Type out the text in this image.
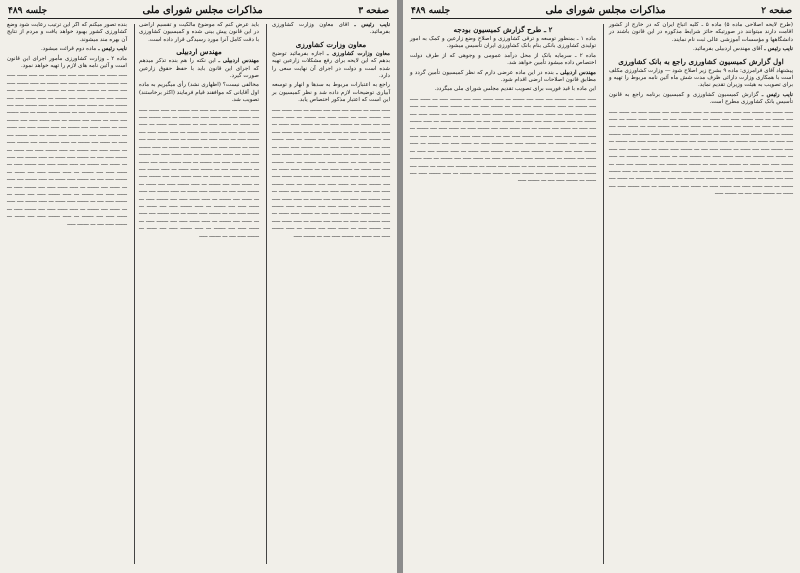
صفحه ۲
مذاکرات مجلس شورای ملی
جلسه ۴۸۹

(طرح لایحه اصلاحی ماده ۵) ماده ۵ ـ کلیه اتباع ایران که در خارج از کشور اقامت دارند میتوانند در صورتیکه حائز شرایط مذکوره در این قانون باشند در دانشگاهها و مؤسسات آموزشی عالی ثبت نام نمایند.

نایب رئیس ـ آقای مهندس اردبیلی بفرمائید.

اول گزارش کمیسیون کشاورزی راجع به بانک کشاورزی

پیشنهاد آقای فرامرزی: ماده ۹ بشرح زیر اصلاح شود — وزارت کشاورزی مکلف است با همکاری وزارت دارائی ظرف مدت شش ماه آئین نامه مربوط را تهیه و برای تصویب به هیئت وزیران تقدیم نماید.

نایب رئیس ـ گزارش کمیسیون کشاورزی و کمیسیون برنامه راجع به قانون تأسیس بانک کشاورزی مطرح است.

ـــــ ــــــ ـــ ـــــــ ــــ ـــــ ــــ ـــــــ ـــ ـــــ ــــــ ـــــ ــــ ـــــــ ـــــ ـــ ــــــ ـــــ ــــ ـــــــ ـــ ـــــ ـــــــ ـــــ ــــ ــــــ ـــ ـــــــ ـــــ ــــ ـــ ـــــــ ـــــ ــــــ ـــ ـــــ ـــــــ ــــ ـــــ ـــ ــــــ ــــ ـــــــ ـــ ـــــ ــــــ ـــــ ــــ ـــــــ ـــــ ـــ ــــــ ـــــ ــــ ـــــــ ـــ ـــــ ـــــــ ـــــ ــــ ــــــ ـــ ـــــــ ـــــ ــــ ـــ ـــــــ ـــــ ــــــ ـــ ـــــ ـــــــ ــــ ـــــ ـــ ــــــ ــــ ـــــــ ـــ ـــــ ــــــ ـــــ ــــ ـــــــ ـــــ ـــ ــــــ ـــــ ــــ ـــــــ ـــ ـــــ ـــــــ ـــــ ــــ ــــــ ـــ ـــــــ ـــــ ــــ ـــ ـــــــ ـــــ ــــــ ـــ ـــــ ـــــــ ــــ ـــــ ـــ ــــــ ــــ ـــــــ ـــ ـــــ ــــــ ـــــ ــــ ـــــــ ـــــ ـــ ــــــ ـــــ ــــ ـــــــ ـــ ـــــ ـــــــ ـــــ ــــ ــــــ ـــ ـــــــ ـــــ ــــ ـــ ـــــــ ـــــ ــــــ ـــ ـــــ ـــــــ ــــ ـــــ ـــ ــــــ ــــ ـــــــ ـــ ـــــ ــــــ ـــــ ــــ ـــــــ ـــــ ـــ ــــــ ـــــ ــــ ـــــــ ـــ ـــــ ـــــــ ـــــ ــــ ــــــ ـــ ـــــــ ـــــ ــــ ـــ ـــــــ ـــــ ــــــ ـــ ـــــ ـــــــ ــــ ـــــ ـــ ــــــ ــــ ـــــــ ـــ ـــــ ــــــ ـــــ ــــ ـــــــ ـــــ ـــ ــــــ ـــــ ــــ ـــــــ ـــ ـــــ ـــــــ ـــــ ــــ ــــــ ـــ ـــــــ ـــــ ــــ ـــ ـــــــ ـــــ

۲ ـ طرح گزارش کمیسیون بودجه

ماده ۱ ـ بمنظور توسعه و ترقی کشاورزی و اصلاح وضع زارعین و کمک به امور تولیدی کشاورزی بانکی بنام بانک کشاورزی ایران تأسیس میشود.

ماده ۲ ـ سرمایه بانک از محل درآمد عمومی و وجوهی که از طرف دولت اختصاص داده میشود تأمین خواهد شد.

مهندس اردبیلی ـ بنده در این ماده عرضی دارم که نظر کمیسیون تأمین گردد و مطابق قانون اصلاحات ارضی اقدام شود.

این ماده با قید فوریت برای تصویب تقدیم مجلس شورای ملی میگردد.

ـــــ ــــــ ـــ ـــــــ ــــ ـــــ ــــ ـــــــ ـــ ـــــ ــــــ ـــــ ــــ ـــــــ ـــــ ـــ ــــــ ـــــ ــــ ـــــــ ـــ ـــــ ـــــــ ـــــ ــــ ــــــ ـــ ـــــــ ـــــ ــــ ـــ ـــــــ ـــــ ــــــ ـــ ـــــ ـــــــ ــــ ـــــ ـــ ــــــ ــــ ـــــــ ـــ ـــــ ــــــ ـــــ ــــ ـــــــ ـــــ ـــ ــــــ ـــــ ــــ ـــــــ ـــ ـــــ ـــــــ ـــــ ــــ ــــــ ـــ ـــــــ ـــــ ــــ ـــ ـــــــ ـــــ ــــــ ـــ ـــــ ـــــــ ــــ ـــــ ـــ ــــــ ــــ ـــــــ ـــ ـــــ ــــــ ـــــ ــــ ـــــــ ـــــ ـــ ــــــ ـــــ ــــ ـــــــ ـــ ـــــ ـــــــ ـــــ ــــ ــــــ ـــ ـــــــ ـــــ ــــ ـــ ـــــــ ـــــ ــــــ ـــ ـــــ ـــــــ ــــ ـــــ ـــ ــــــ ــــ ـــــــ ـــ ـــــ ــــــ ـــــ ــــ ـــــــ ـــــ ـــ ــــــ ـــــ ــــ ـــــــ ـــ ـــــ ـــــــ ـــــ ــــ ــــــ ـــ ـــــــ ـــــ ــــ ـــ ـــــــ ـــــ ــــــ ـــ ـــــ ـــــــ ــــ ـــــ ـــ ــــــ ــــ ـــــــ ـــ ـــــ ــــــ ـــــ ــــ ـــــــ ـــــ ـــ ــــــ ـــــ ــــ ـــــــ ـــ ـــــ ـــــــ ـــــ ــــ ــــــ ـــ ـــــــ ـــــ ــــ ـــ ـــــــ ـــــ ــــــ ـــ ـــــ ـــــــ ــــ ـــــ ـــ ــــــ ــــ ـــــــ ـــ ـــــ ــــــ ـــــ ــــ ـــــــ ـــــ ـــ ــــــ ـــــ ــــ ـــــــ ـــ ـــــ ـــــــ ـــــ ــــ ــــــ ـــ ـــــــ ـــــ ــــ ـــ ـــــــ ـــــ

صفحه ۳
مذاکرات مجلس شورای ملی
جلسه ۴۸۹

نایب رئیس ـ آقای معاون وزارت کشاورزی بفرمائید.

معاون وزارت کشاورزی

معاون وزارت کشاورزی ـ اجازه بفرمائید توضیح بدهم که این لایحه برای رفع مشکلات زارعین تهیه شده است و دولت در اجرای آن نهایت سعی را دارد.

راجع به اعتبارات مربوط به سدها و انهار و توسعه آبیاری توضیحات لازم داده شد و نظر کمیسیون بر این است که اعتبار مذکور اختصاص یابد.

ـــــ ــــــ ـــ ـــــــ ــــ ـــــ ــــ ـــــــ ـــ ـــــ ــــــ ـــــ ــــ ـــــــ ـــــ ـــ ــــــ ـــــ ــــ ـــــــ ـــ ـــــ ـــــــ ـــــ ــــ ــــــ ـــ ـــــــ ـــــ ــــ ـــ ـــــــ ـــــ ــــــ ـــ ـــــ ـــــــ ــــ ـــــ ـــ ــــــ ــــ ـــــــ ـــ ـــــ ــــــ ـــــ ــــ ـــــــ ـــــ ـــ ــــــ ـــــ ــــ ـــــــ ـــ ـــــ ـــــــ ـــــ ــــ ــــــ ـــ ـــــــ ـــــ ــــ ـــ ـــــــ ـــــ ــــــ ـــ ـــــ ـــــــ ــــ ـــــ ـــ ــــــ ــــ ـــــــ ـــ ـــــ ــــــ ـــــ ــــ ـــــــ ـــــ ـــ ــــــ ـــــ ــــ ـــــــ ـــ ـــــ ـــــــ ـــــ ــــ ــــــ ـــ ـــــــ ـــــ ــــ ـــ ـــــــ ـــــ ــــــ ـــ ـــــ ـــــــ ــــ ـــــ ـــ ــــــ ــــ ـــــــ ـــ ـــــ ــــــ ـــــ ــــ ـــــــ ـــــ ـــ ــــــ ـــــ ــــ ـــــــ ـــ ـــــ ـــــــ ـــــ ــــ ــــــ ـــ ـــــــ ـــــ ــــ ـــ ـــــــ ـــــ ــــــ ـــ ـــــ ـــــــ ــــ ـــــ ـــ ــــــ ــــ ـــــــ ـــ ـــــ ــــــ ـــــ ــــ ـــــــ ـــــ ـــ ــــــ ـــــ ــــ ـــــــ ـــ ـــــ ـــــــ ـــــ ــــ ــــــ ـــ ـــــــ ـــــ ــــ ـــ ـــــــ ـــــ ــــــ ـــ ـــــ ـــــــ ــــ ـــــ ـــ ــــــ ــــ ـــــــ ـــ ـــــ ــــــ ـــــ ــــ ـــــــ ـــــ ـــ ــــــ ـــــ ــــ ـــــــ ـــ ـــــ ـــــــ ـــــ ــــ ــــــ ـــ ـــــــ ـــــ ــــ ـــ ـــــــ ـــــ

باید عرض کنم که موضوع مالکیت و تقسیم اراضی در این قانون پیش بینی شده و کمیسیون کشاورزی با دقت کامل آنرا مورد رسیدگی قرار داده است.

مهندس اردبیلی

مهندس اردبیلی ـ این نکته را هم بنده تذکر میدهم که اجرای این قانون باید با حفظ حقوق زارعین صورت گیرد.

مخالفی نیست؟ (اظهاری نشد) رأی میگیریم به ماده اول آقایانی که موافقند قیام فرمایند (اکثر برخاستند) تصویب شد.

ـــــ ــــــ ـــ ـــــــ ــــ ـــــ ــــ ـــــــ ـــ ـــــ ــــــ ـــــ ــــ ـــــــ ـــــ ـــ ــــــ ـــــ ــــ ـــــــ ـــ ـــــ ـــــــ ـــــ ــــ ــــــ ـــ ـــــــ ـــــ ــــ ـــ ـــــــ ـــــ ــــــ ـــ ـــــ ـــــــ ــــ ـــــ ـــ ــــــ ــــ ـــــــ ـــ ـــــ ــــــ ـــــ ــــ ـــــــ ـــــ ـــ ــــــ ـــــ ــــ ـــــــ ـــ ـــــ ـــــــ ـــــ ــــ ــــــ ـــ ـــــــ ـــــ ــــ ـــ ـــــــ ـــــ ــــــ ـــ ـــــ ـــــــ ــــ ـــــ ـــ ــــــ ــــ ـــــــ ـــ ـــــ ــــــ ـــــ ــــ ـــــــ ـــــ ـــ ــــــ ـــــ ــــ ـــــــ ـــ ـــــ ـــــــ ـــــ ــــ ــــــ ـــ ـــــــ ـــــ ــــ ـــ ـــــــ ـــــ ــــــ ـــ ـــــ ـــــــ ــــ ـــــ ـــ ــــــ ــــ ـــــــ ـــ ـــــ ــــــ ـــــ ــــ ـــــــ ـــــ ـــ ــــــ ـــــ ــــ ـــــــ ـــ ـــــ ـــــــ ـــــ ــــ ــــــ ـــ ـــــــ ـــــ ــــ ـــ ـــــــ ـــــ ــــــ ـــ ـــــ ـــــــ ــــ ـــــ ـــ ــــــ ــــ ـــــــ ـــ ـــــ ــــــ ـــــ ــــ ـــــــ ـــــ ـــ ــــــ ـــــ ــــ ـــــــ ـــ ـــــ ـــــــ ـــــ ــــ ــــــ ـــ ـــــــ ـــــ ــــ ـــ ـــــــ ـــــ ــــــ ـــ ـــــ ـــــــ ــــ ـــــ ـــ ــــــ ــــ ـــــــ ـــ ـــــ ــــــ ـــــ ــــ ـــــــ ـــــ ـــ ــــــ ـــــ ــــ ـــــــ ـــ ـــــ ـــــــ ـــــ ــــ ــــــ ـــ ـــــــ ـــــ ــــ ـــ ـــــــ ـــــ

بنده تصور میکنم که اگر این ترتیب رعایت شود وضع کشاورزی کشور بهبود خواهد یافت و مردم از نتایج آن بهره مند میشوند.

نایب رئیس ـ ماده دوم قرائت میشود.

ماده ۲ ـ وزارت کشاورزی مأمور اجرای این قانون است و آئین نامه های لازم را تهیه خواهد نمود.

ـــــ ــــــ ـــ ـــــــ ــــ ـــــ ــــ ـــــــ ـــ ـــــ ــــــ ـــــ ــــ ـــــــ ـــــ ـــ ــــــ ـــــ ــــ ـــــــ ـــ ـــــ ـــــــ ـــــ ــــ ــــــ ـــ ـــــــ ـــــ ــــ ـــ ـــــــ ـــــ ــــــ ـــ ـــــ ـــــــ ــــ ـــــ ـــ ــــــ ــــ ـــــــ ـــ ـــــ ــــــ ـــــ ــــ ـــــــ ـــــ ـــ ــــــ ـــــ ــــ ـــــــ ـــ ـــــ ـــــــ ـــــ ــــ ــــــ ـــ ـــــــ ـــــ ــــ ـــ ـــــــ ـــــ ــــــ ـــ ـــــ ـــــــ ــــ ـــــ ـــ ــــــ ــــ ـــــــ ـــ ـــــ ــــــ ـــــ ــــ ـــــــ ـــــ ـــ ــــــ ـــــ ــــ ـــــــ ـــ ـــــ ـــــــ ـــــ ــــ ــــــ ـــ ـــــــ ـــــ ــــ ـــ ـــــــ ـــــ ــــــ ـــ ـــــ ـــــــ ــــ ـــــ ـــ ــــــ ــــ ـــــــ ـــ ـــــ ــــــ ـــــ ــــ ـــــــ ـــــ ـــ ــــــ ـــــ ــــ ـــــــ ـــ ـــــ ـــــــ ـــــ ــــ ــــــ ـــ ـــــــ ـــــ ــــ ـــ ـــــــ ـــــ ــــــ ـــ ـــــ ـــــــ ــــ ـــــ ـــ ــــــ ــــ ـــــــ ـــ ـــــ ــــــ ـــــ ــــ ـــــــ ـــــ ـــ ــــــ ـــــ ــــ ـــــــ ـــ ـــــ ـــــــ ـــــ ــــ ــــــ ـــ ـــــــ ـــــ ــــ ـــ ـــــــ ـــــ ــــــ ـــ ـــــ ـــــــ ــــ ـــــ ـــ ــــــ ــــ ـــــــ ـــ ـــــ ــــــ ـــــ ــــ ـــــــ ـــــ ـــ ــــــ ـــــ ــــ ـــــــ ـــ ـــــ ـــــــ ـــــ ــــ ــــــ ـــ ـــــــ ـــــ ــــ ـــ ـــــــ ـــــ ــــــ ـــ ـــــ ـــــــ ــــ ـــــ ـــ ــــــ ــــ ـــــــ ـــ ـــــ ــــــ ـــــ ــــ ـــــــ ـــــ ـــ ــــــ ـــــ ــــ ـــــــ ـــ ـــــ ـــــــ ـــــ ــــ ــــــ ـــ ـــــــ ـــــ ــــ ـــ ـــــــ ـــــ
